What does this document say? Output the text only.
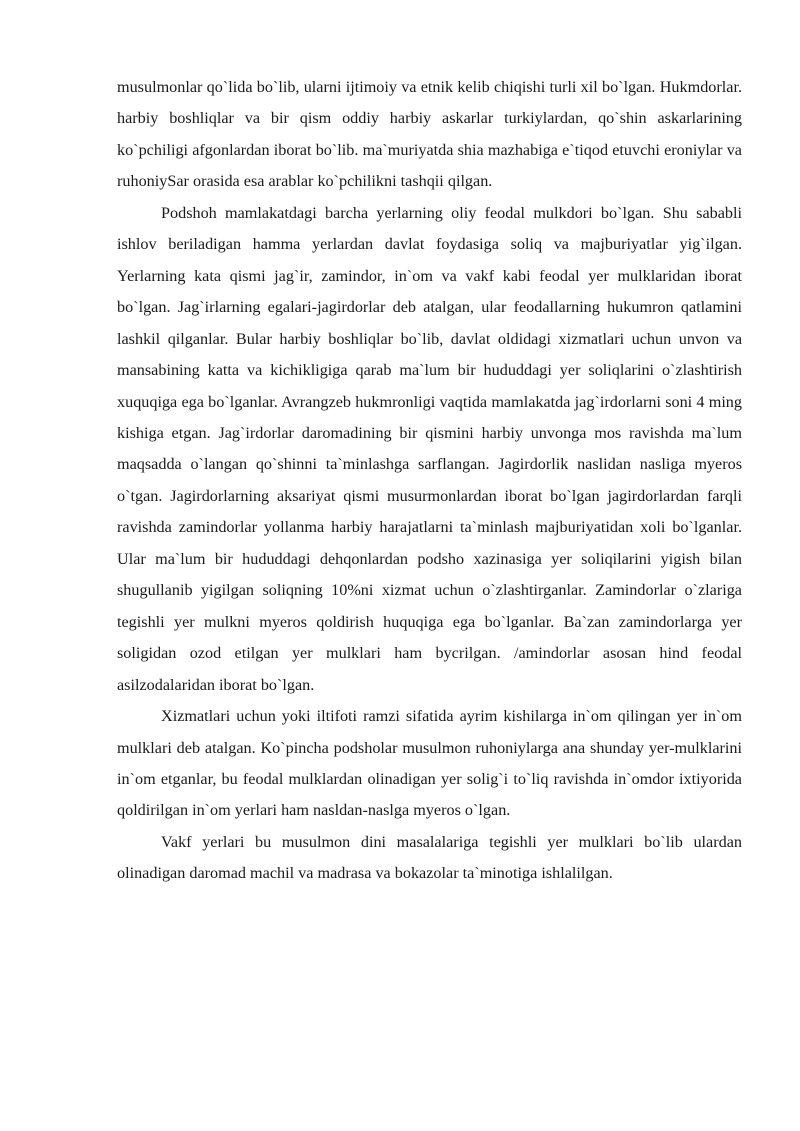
musulmonlar qo`lida bo`lib, ularni ijtimoiy va etnik kelib chiqishi turli xil bo`lgan. Hukmdorlar. harbiy boshliqlar va bir qism oddiy harbiy askarlar turkiylardan, qo`shin askarlarining ko`pchiligi afgonlardan iborat bo`lib. ma`muriyatda shia mazhabiga e`tiqod etuvchi eroniylar va ruhoniySar orasida esa arablar ko`pchilikni tashqii qilgan.

Podshoh mamlakatdagi barcha yerlarning oliy feodal mulkdori bo`lgan. Shu sababli ishlov beriladigan hamma yerlardan davlat foydasiga soliq va majburiyatlar yig`ilgan. Yerlarning kata qismi jag`ir, zamindor, in`om va vakf kabi feodal yer mulklaridan iborat bo`lgan. Jag`irlarning egalari-jagirdorlar deb atalgan, ular feodallarning hukumron qatlamini lashkil qilganlar. Bular harbiy boshliqlar bo`lib, davlat oldidagi xizmatlari uchun unvon va mansabining katta va kichikligiga qarab ma`lum bir hududdagi yer soliqlarini o`zlashtirish xuquqiga ega bo`lganlar. Avrangzeb hukmronligi vaqtida mamlakatda jag`irdorlarni soni 4 ming kishiga etgan. Jag`irdorlar daromadining bir qismini harbiy unvonga mos ravishda ma`lum maqsadda o`langan qo`shinni ta`minlashga sarflangan. Jagirdorlik naslidan nasliga myeros o`tgan. Jagirdorlarning aksariyat qismi musurmonlardan iborat bo`lgan jagirdorlardan farqli ravishda zamindorlar yollanma harbiy harajatlarni ta`minlash majburiyatidan xoli bo`lganlar. Ular ma`lum bir hududdagi dehqonlardan podsho xazinasiga yer soliqilarini yigish bilan shugullanib yigilgan soliqning 10%ni xizmat uchun o`zlashtirganlar. Zamindorlar o`zlariga tegishli yer mulkni myeros qoldirish huquqiga ega bo`lganlar. Ba`zan zamindorlarga yer soligidan ozod etilgan yer mulklari ham bycrilgan. /amindorlar asosan hind feodal asilzodalaridan iborat bo`lgan.

Xizmatlari uchun yoki iltifoti ramzi sifatida ayrim kishilarga in`om qilingan yer in`om mulklari deb atalgan. Ko`pincha podsholar musulmon ruhoniylarga ana shunday yer-mulklarini in`om etganlar, bu feodal mulklardan olinadigan yer solig`i to`liq ravishda in`omdor ixtiyorida qoldirilgan in`om yerlari ham nasldan-naslga myeros o`lgan.

Vakf yerlari bu musulmon dini masalalariga tegishli yer mulklari bo`lib ulardan olinadigan daromad machil va madrasa va bokazolar ta`minotiga ishlalilgan.
